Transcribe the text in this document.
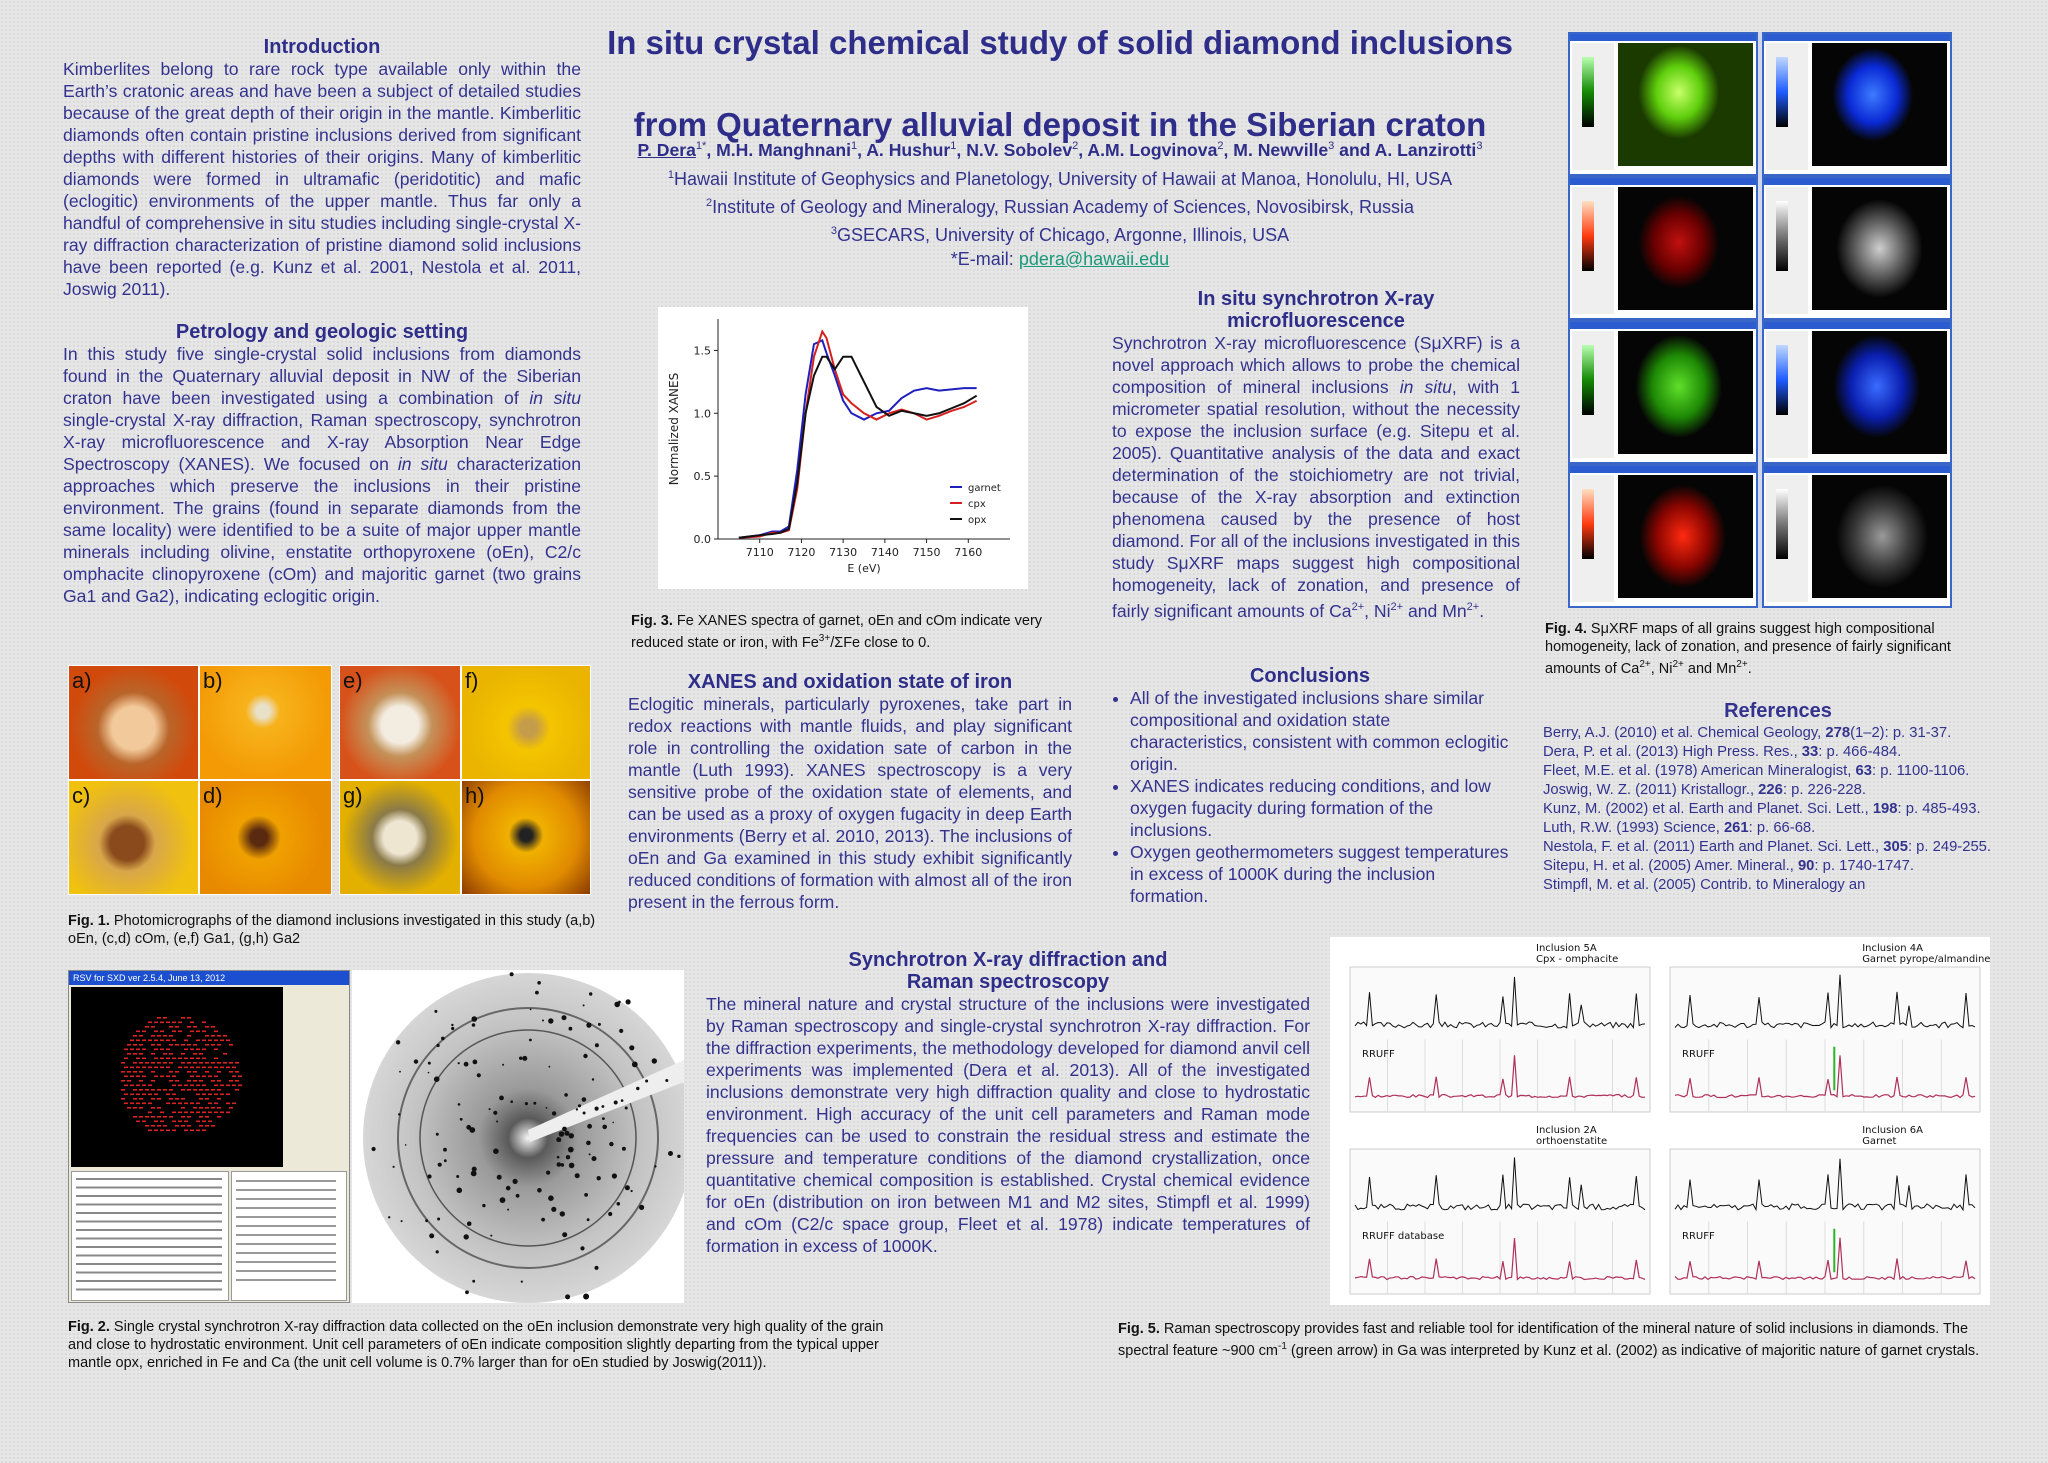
Introduction
Kimberlites belong to rare rock type available only within the Earth’s cratonic areas and have been a subject of detailed studies because of the great depth of their origin in the mantle. Kimberlitic diamonds often contain pristine inclusions derived from significant depths with different histories of their origins. Many of kimberlitic diamonds were formed in ultramafic (peridotitic) and mafic (eclogitic) environments of the upper mantle. Thus far only a handful of comprehensive in situ studies including single-crystal X-ray diffraction characterization of pristine diamond solid inclusions have been reported (e.g. Kunz et al. 2001, Nestola et al. 2011, Joswig 2011).
Petrology and geologic setting
In this study five single-crystal solid inclusions from diamonds found in the Quaternary alluvial deposit in NW of the Siberian craton have been investigated using a combination of in situ single-crystal X-ray diffraction, Raman spectroscopy, synchrotron X-ray microfluorescence and X-ray Absorption Near Edge Spectroscopy (XANES). We focused on in situ characterization approaches which preserve the inclusions in their pristine environment. The grains (found in separate diamonds from the same locality) were identified to be a suite of major upper mantle minerals including olivine, enstatite orthopyroxene (oEn), C2/c omphacite clinopyroxene (cOm) and majoritic garnet (two grains Ga1 and Ga2), indicating eclogitic origin.
a)	b)
c)	d)
e)	f)
g)	h)
Fig. 1. Photomicrographs of the diamond inclusions investigated in this study (a,b) oEn, (c,d) cOm, (e,f) Ga1, (g,h) Ga2
RSV for SXD ver 2.5.4, June 13, 2012
Fig. 2. Single crystal synchrotron X-ray diffraction data collected on the oEn inclusion demonstrate very high quality of the grain and close to hydrostatic environment. Unit cell parameters of oEn indicate composition slightly departing from the typical upper mantle opx, enriched in Fe and Ca (the unit cell volume is 0.7% larger than for oEn studied by Joswig(2011)).
In situ crystal chemical study of solid diamond inclusions
from Quaternary alluvial deposit in the Siberian craton
P. Dera$^{1*}$, M.H. Manghnani$^1$, A. Hushur$^1$, N.V. Sobolev$^2$, A.M. Logvinova$^2$, M. Newville$^3$ and A. Lanzirotti$^3$
$^1$Hawaii Institute of Geophysics and Planetology, University of Hawaii at Manoa, Honolulu, HI, USA
$^2$Institute of Geology and Mineralogy, Russian Academy of Sciences, Novosibirsk, Russia
$^3$GSECARS, University of Chicago, Argonne, Illinois, USA
*E-mail: pdera@hawaii.edu
7110 7120 7130 7140 7150 7160
0.0
0.5
1.0
1.5
E (eV)
Normalized XANES
garnet
cpx
opx
Fig. 3. Fe XANES spectra of garnet, oEn and cOm indicate very reduced state or iron, with $Fe^{3+}$/ΣFe close to 0.
XANES and oxidation state of iron
Eclogitic minerals, particularly pyroxenes, take part in redox reactions with mantle fluids, and play significant role in controlling the oxidation sate of carbon in the mantle (Luth 1993). XANES spectroscopy is a very sensitive probe of the oxidation state of elements, and can be used as a proxy of oxygen fugacity in deep Earth environments (Berry et al. 2010, 2013). The inclusions of oEn and Ga examined in this study exhibit significantly reduced conditions of formation with almost all of the iron present in the ferrous form.
In situ synchrotron X-ray
microfluorescence
Synchrotron X-ray microfluorescence (SμXRF) is a novel approach which allows to probe the chemical composition of mineral inclusions in situ, with 1 micrometer spatial resolution, without the necessity to expose the inclusion surface (e.g. Sitepu et al. 2005). Quantitative analysis of the data and exact determination of the stoichiometry are not trivial, because of the X-ray absorption and extinction phenomena caused by the presence of host diamond. For all of the inclusions investigated in this study SμXRF maps suggest high compositional homogeneity, lack of zonation, and presence of fairly significant amounts of $Ca^{2+}$, $Ni^{2+}$ and $Mn^{2+}$.
Conclusions
• All of the investigated inclusions share similar compositional and oxidation state characteristics, consistent with common eclogitic origin.
• XANES indicates reducing conditions, and low oxygen fugacity during formation of the inclusions.
• Oxygen geothermometers suggest temperatures in excess of 1000K during the inclusion formation.
Fig. 4. SμXRF maps of all grains suggest high compositional homogeneity, lack of zonation, and presence of fairly significant amounts of $Ca^{2+}$, $Ni^{2+}$ and $Mn^{2+}$.
References
Berry, A.J. (2010) et al. Chemical Geology, 278(1–2): p. 31-37.
Dera, P. et al. (2013) High Press. Res., 33: p. 466-484.
Fleet, M.E. et al. (1978) American Mineralogist, 63: p. 1100-1106.
Joswig, W. Z. (2011) Kristallogr., 226: p. 226-228.
Kunz, M. (2002) et al. Earth and Planet. Sci. Lett., 198: p. 485-493.
Luth, R.W. (1993) Science, 261: p. 66-68.
Nestola, F. et al. (2011) Earth and Planet. Sci. Lett., 305: p. 249-255.
Sitepu, H. et al. (2005) Amer. Mineral., 90: p. 1740-1747.
Stimpfl, M. et al. (2005) Contrib. to Mineralogy an
Synchrotron X-ray diffraction and
Raman spectroscopy
The mineral nature and crystal structure of the inclusions were investigated by Raman spectroscopy and single-crystal synchrotron X-ray diffraction. For the diffraction experiments, the methodology developed for diamond anvil cell experiments was implemented (Dera et al. 2013). All of the investigated inclusions demonstrate very high diffraction quality and close to hydrostatic environment. High accuracy of the unit cell parameters and Raman mode frequencies can be used to constrain the residual stress and estimate the pressure and temperature conditions of the diamond crystallization, once quantitative chemical composition is established. Crystal chemical evidence for oEn (distribution on iron between M1 and M2 sites, Stimpfl et al. 1999) and cOm (C2/c space group, Fleet et al. 1978) indicate temperatures of formation in excess of 1000K.
Inclusion 5A
Cpx - omphacite
RRUFF
Inclusion 4A
Garnet pyrope/almandine
RRUFF
Inclusion 2A
orthoenstatite
RRUFF database
Inclusion 6A
Garnet
RRUFF
Fig. 5. Raman spectroscopy provides fast and reliable tool for identification of the mineral nature of solid inclusions in diamonds. The spectral feature ~900 $cm^{-1}$ (green arrow) in Ga was interpreted by Kunz et al. (2002) as indicative of majoritic nature of garnet crystals.
